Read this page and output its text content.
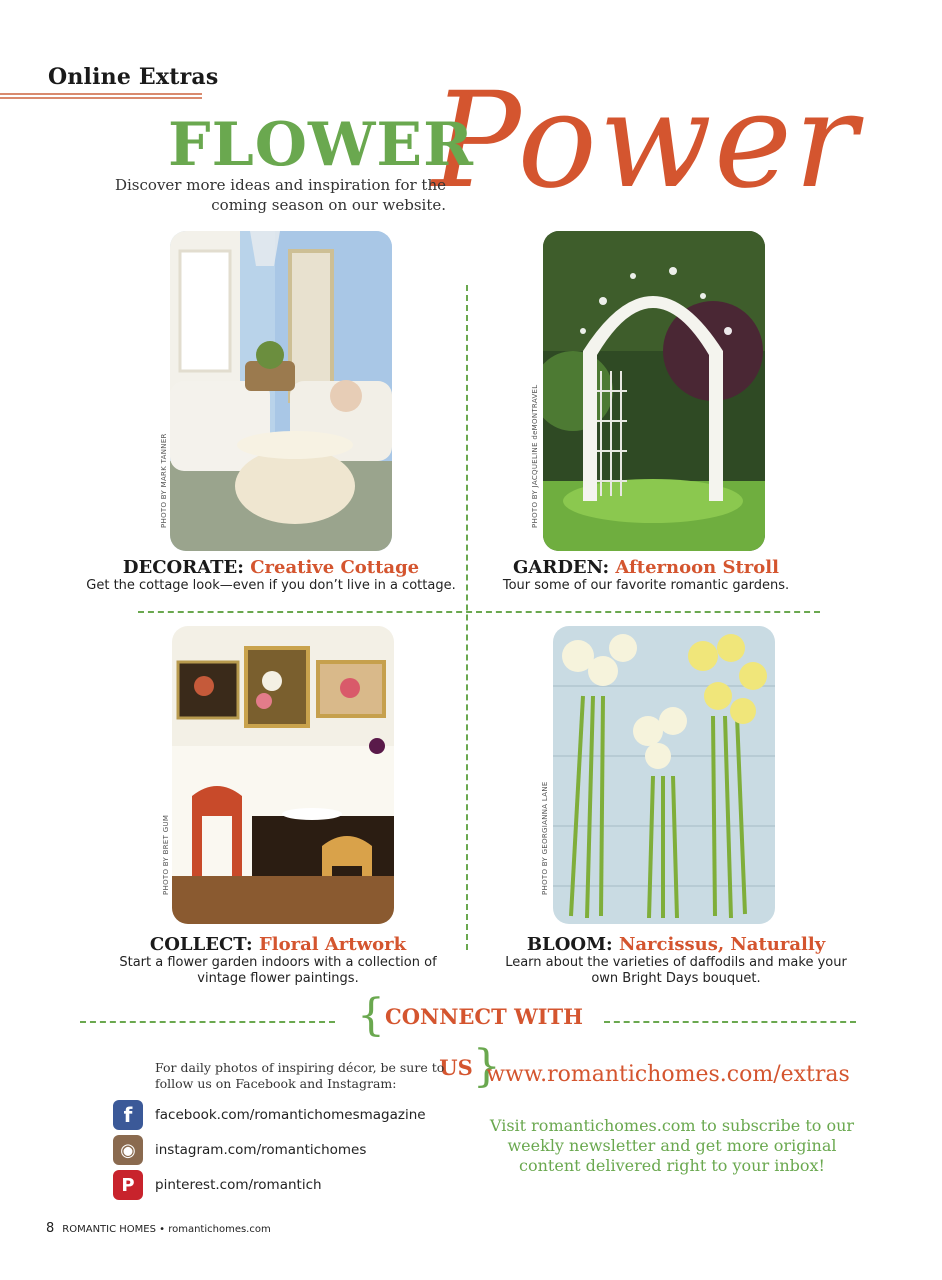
Online Extras Power
FLOWER
Discover more ideas and inspiration for the coming season on our website.
PHOTO BY MARK TANNER
DECORATE: Creative Cottage
Get the cottage look—even if you don’t live in a cottage.
PHOTO BY JACQUELINE deMONTRAVEL
GARDEN: Afternoon Stroll
Tour some of our favorite romantic gardens.
PHOTO BY BRET GUM
COLLECT: Floral Artwork
Start a flower garden indoors with a collection of vintage flower paintings.
PHOTO BY GEORGIANNA LANE
BLOOM: Narcissus, Naturally
Learn about the varieties of daffodils and make your own Bright Days bouquet.
{CONNECT WITH US}
For daily photos of inspiring décor, be sure to follow us on Facebook and Instagram:
f facebook.com/romantichomesmagazine
◉ instagram.com/romantichomes
P pinterest.com/romantich
www.romantichomes.com/extras
Visit romantichomes.com to subscribe to our weekly newsletter and get more original content delivered right to your inbox!
8 ROMANTIC HOMES • romantichomes.com
